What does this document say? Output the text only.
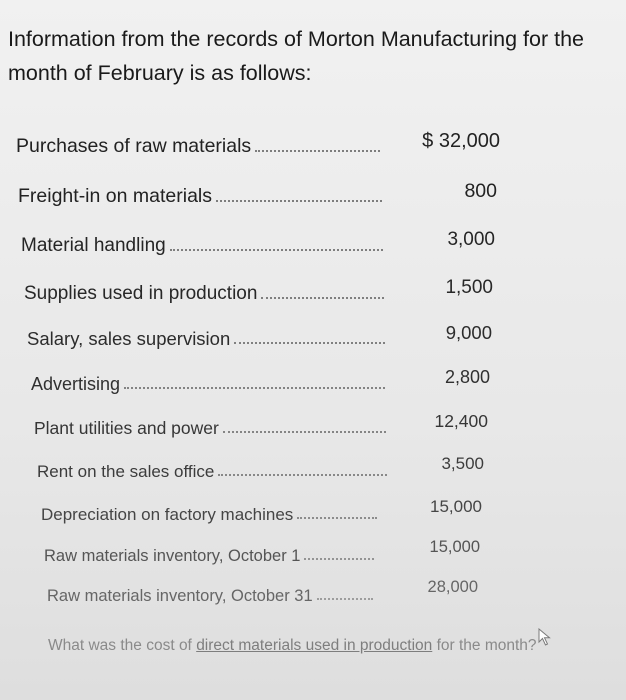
Information from the records of Morton Manufacturing for the
month of February is as follows:
Purchases of raw materials	$ 32,000
Freight-in on materials	800
Material handling	3,000
Supplies used in production	1,500
Salary, sales supervision	9,000
Advertising	2,800
Plant utilities and power	12,400
Rent on the sales office	3,500
Depreciation on factory machines	15,000
Raw materials inventory, October 1	15,000
Raw materials inventory, October 31	28,000
What was the cost of direct materials used in production for the month?
